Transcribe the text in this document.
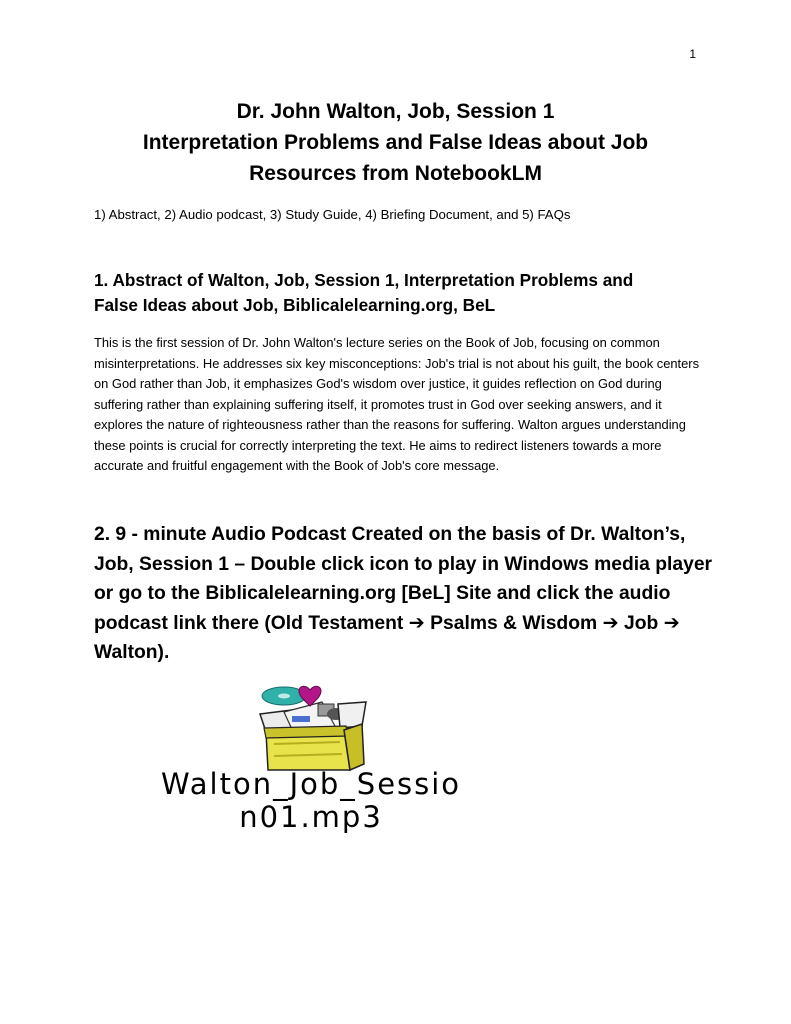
1
Dr. John Walton, Job, Session 1
Interpretation Problems and False Ideas about Job
Resources from NotebookLM
1) Abstract, 2) Audio podcast, 3) Study Guide, 4) Briefing Document, and 5) FAQs
1. Abstract of Walton, Job, Session 1, Interpretation Problems and
False Ideas about Job, Biblicalelearning.org, BeL
This is the first session of Dr. John Walton's lecture series on the Book of Job, focusing on common misinterpretations. He addresses six key misconceptions: Job's trial is not about his guilt, the book centers on God rather than Job, it emphasizes God's wisdom over justice, it guides reflection on God during suffering rather than explaining suffering itself, it promotes trust in God over seeking answers, and it explores the nature of righteousness rather than the reasons for suffering. Walton argues understanding these points is crucial for correctly interpreting the text. He aims to redirect listeners towards a more accurate and fruitful engagement with the Book of Job's core message.
2. 9 - minute Audio Podcast Created on the basis of Dr. Walton’s, Job, Session 1 – Double click icon to play in Windows media player or go to the Biblicalelearning.org [BeL] Site and click the audio podcast link there (Old Testament ➔ Psalms & Wisdom ➔ Job ➔ Walton).
Walton_Job_Sessio
n01.mp3
